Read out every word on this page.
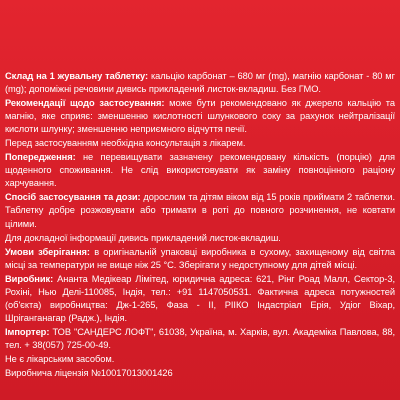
Склад на 1 жувальну таблетку: кальцію карбонат – 680 мг (mg), магнію карбонат - 80 мг (mg); допоміжні речовини дивись прикладений листок-вкладиш. Без ГМО.

Рекомендації щодо застосування: може бути рекомендовано як джерело кальцію та магнію, яке сприяє: зменшенню кислотності шлункового соку за рахунок нейтралізації кислоти шлунку; зменшенню неприємного відчуття печії.

Перед застосуванням необхідна консультація з лікарем.

Попередження: не перевищувати зазначену рекомендовану кількість (порцію) для щоденного споживання. Не слід використовувати як заміну повноцінного раціону харчування.

Спосіб застосування та дози: дорослим та дітям віком від 15 років приймати 2 таблетки. Таблетку добре розжовувати або тримати в роті до повного розчинення, не ковтати цілими.

Для докладної інформації дивись прикладений листок-вкладиш.

Умови зберігання: в оригінальній упаковці виробника в сухому, захищеному від світла місці за температури не вище ніж 25 °С. Зберігати у недоступному для дітей місці.

Виробник: Ананта Медікеар Лімітед, юридична адреса: 621, Рінг Роад Малл, Сектор-3, Рохіні, Нью Делі-110085, Індія, тел.: +91 1147050531. Фактична адреса потужностей (об'єкта) виробництва: Дж-1-265, Фаза - ІІ, РІІКО Індастріал Ерія, Удіог Віхар, Шріганганагар (Радж.), Індія.

Імпортер: ТОВ "САНДЕРС ЛОФТ", 61038, Україна, м. Харків, вул. Академіка Павлова, 88, тел. + 38(057) 725-00-49.

Не є лікарським засобом.

Виробнича ліцензія №10017013001426
